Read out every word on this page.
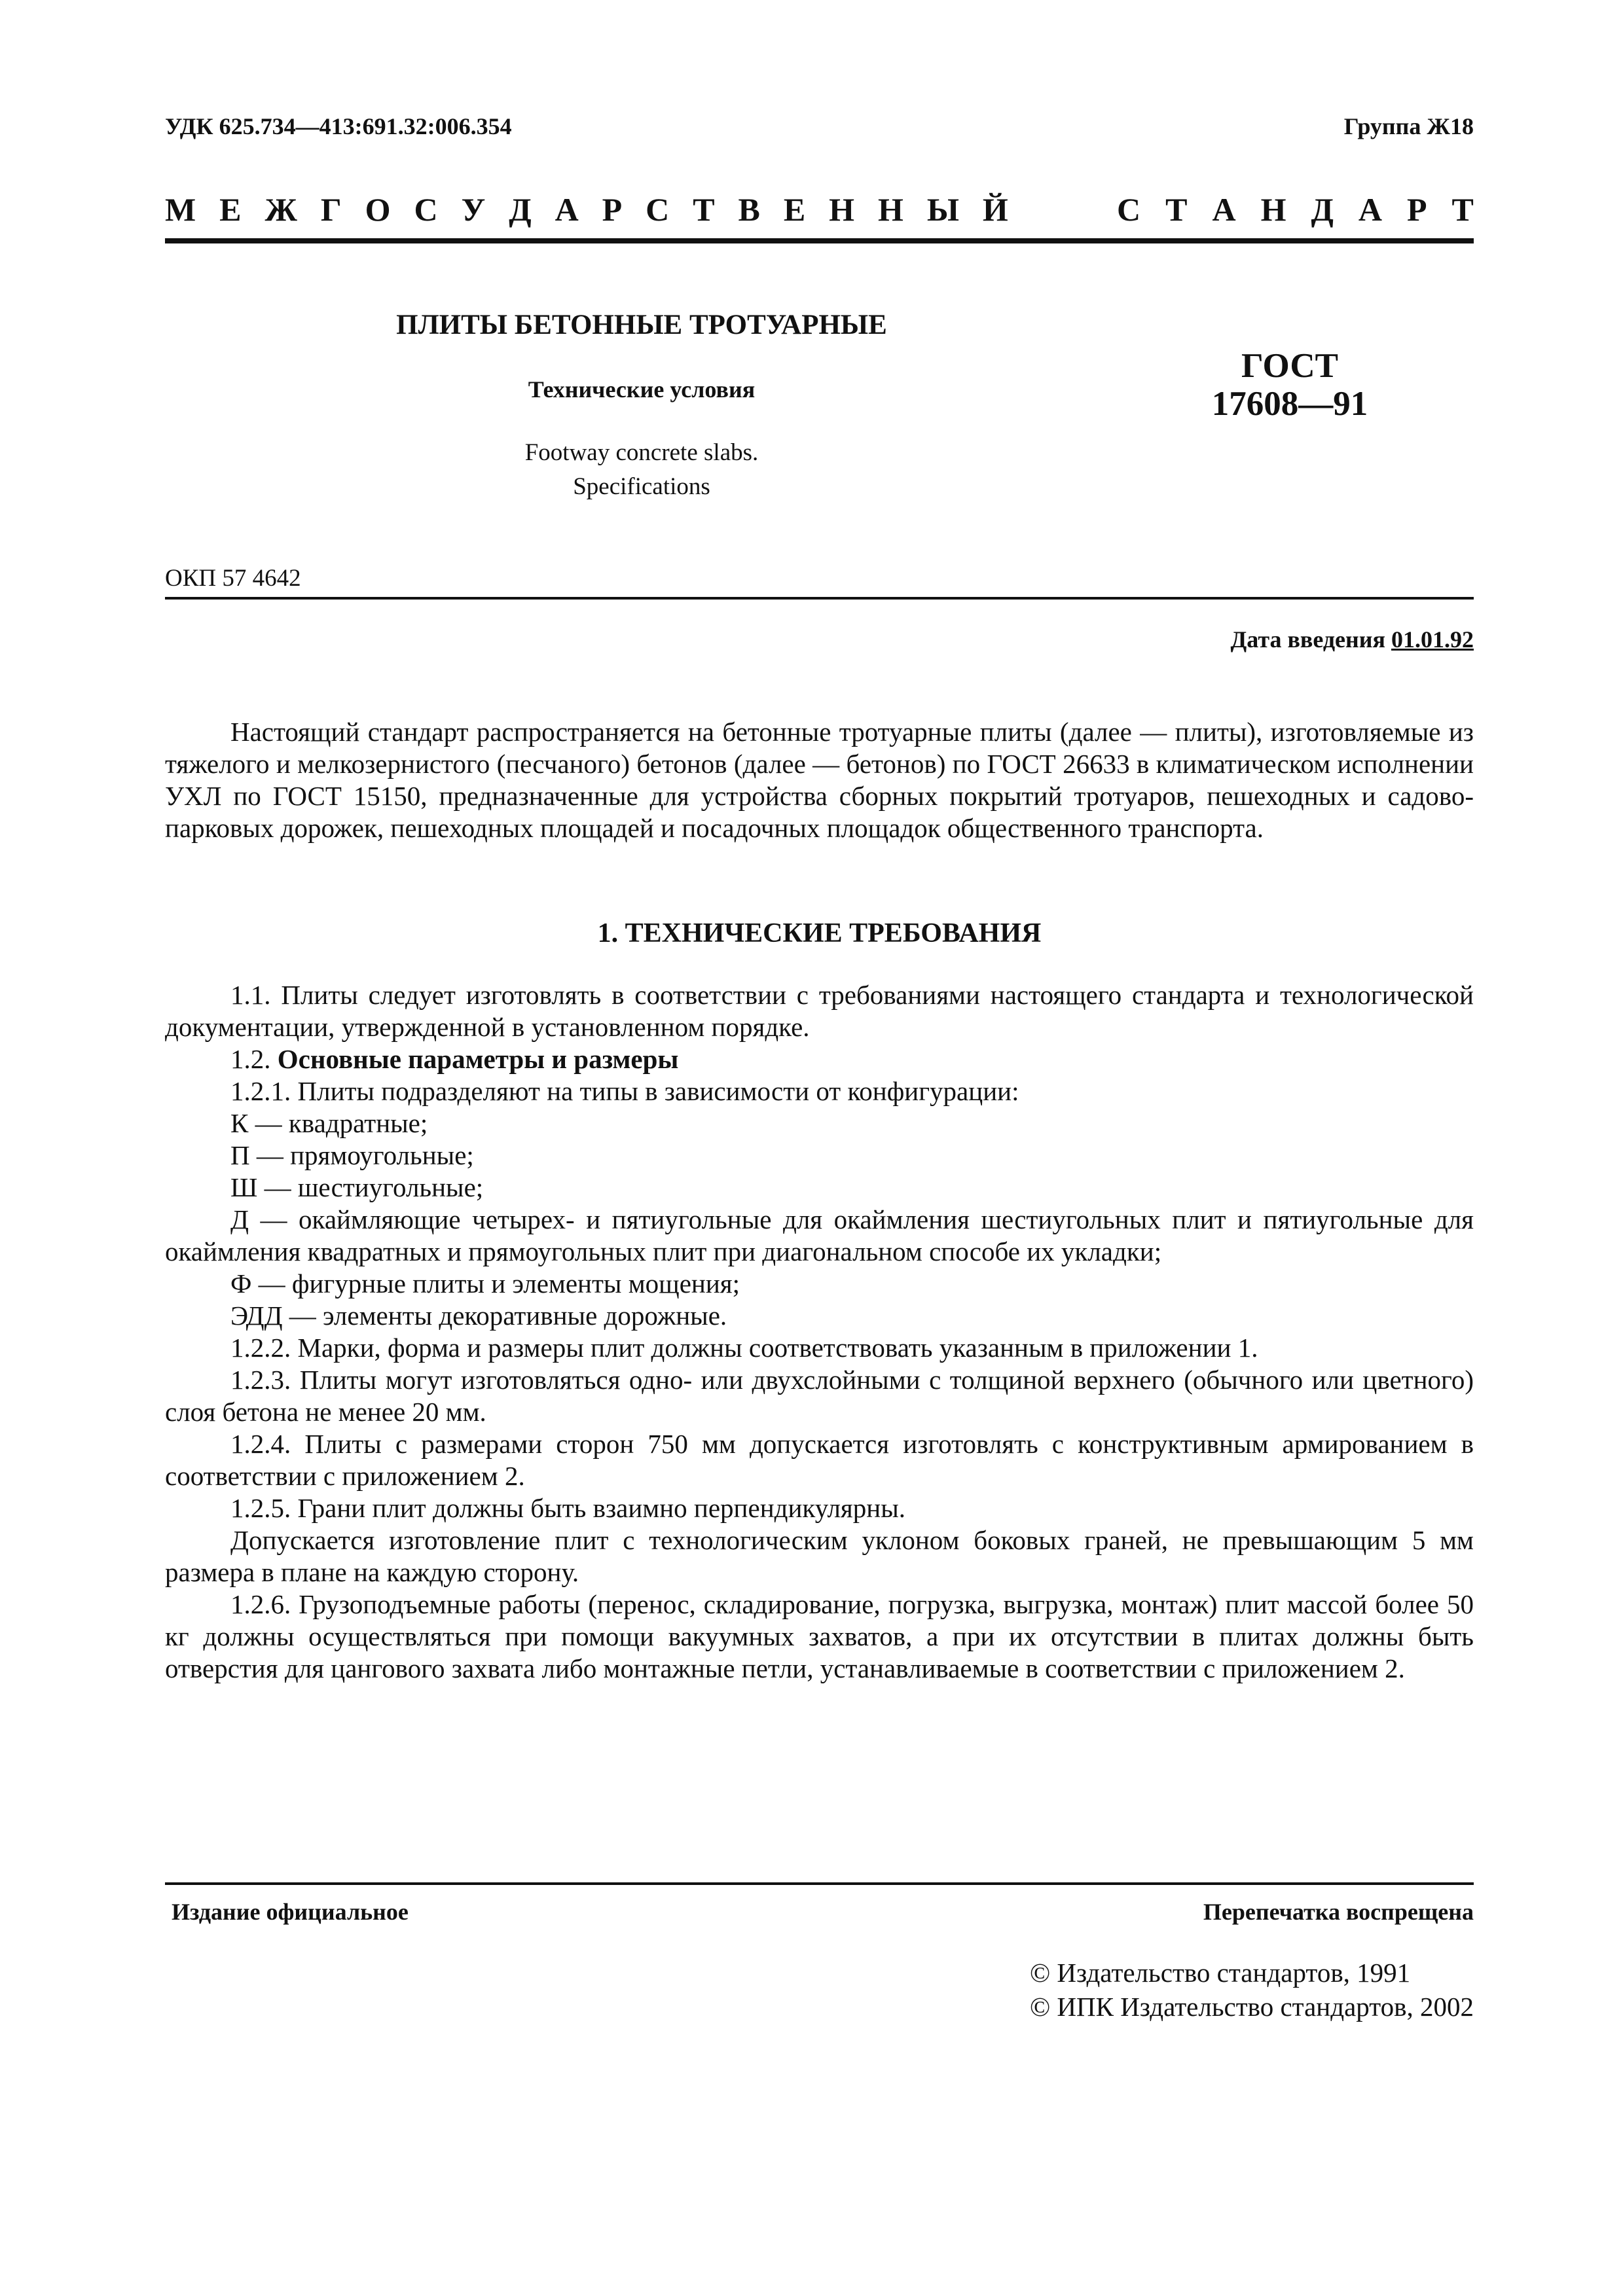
УДК 625.734—413:691.32:006.354	Группа Ж18
М Е Ж Г О С У Д А Р С Т В Е Н Н Ы Й	С Т А Н Д А Р Т
ПЛИТЫ БЕТОННЫЕ ТРОТУАРНЫЕ
Технические условия
Footway concrete slabs.
Specifications
ГОСТ
17608—91
ОКП 57 4642
Дата введения 01.01.92

Настоящий стандарт распространяется на бетонные тротуарные плиты (далее — плиты), изготовляемые из тяжелого и мелкозернистого (песчаного) бетонов (далее — бетонов) по ГОСТ 26633 в климатическом исполнении УХЛ по ГОСТ 15150, предназначенные для устройства сборных покрытий тротуаров, пешеходных и садово-парковых дорожек, пешеходных площадей и посадочных площадок общественного транспорта.

1. ТЕХНИЧЕСКИЕ ТРЕБОВАНИЯ

1.1. Плиты следует изготовлять в соответствии с требованиями настоящего стандарта и технологической документации, утвержденной в установленном порядке.

1.2. Основные параметры и размеры

1.2.1. Плиты подразделяют на типы в зависимости от конфигурации:

К — квадратные;

П — прямоугольные;

Ш — шестиугольные;

Д — окаймляющие четырех- и пятиугольные для окаймления шестиугольных плит и пятиугольные для окаймления квадратных и прямоугольных плит при диагональном способе их укладки;

Ф — фигурные плиты и элементы мощения;

ЭДД — элементы декоративные дорожные.

1.2.2. Марки, форма и размеры плит должны соответствовать указанным в приложении 1.

1.2.3. Плиты могут изготовляться одно- или двухслойными с толщиной верхнего (обычного или цветного) слоя бетона не менее 20 мм.

1.2.4. Плиты с размерами сторон 750 мм допускается изготовлять с конструктивным армированием в соответствии с приложением 2.

1.2.5. Грани плит должны быть взаимно перпендикулярны.

Допускается изготовление плит с технологическим уклоном боковых граней, не превышающим 5 мм размера в плане на каждую сторону.

1.2.6. Грузоподъемные работы (перенос, складирование, погрузка, выгрузка, монтаж) плит массой более 50 кг должны осуществляться при помощи вакуумных захватов, а при их отсутствии в плитах должны быть отверстия для цангового захвата либо монтажные петли, устанавливаемые в соответствии с приложением 2.

Издание официальное	Перепечатка воспрещена
© Издательство стандартов, 1991
© ИПК Издательство стандартов, 2002
